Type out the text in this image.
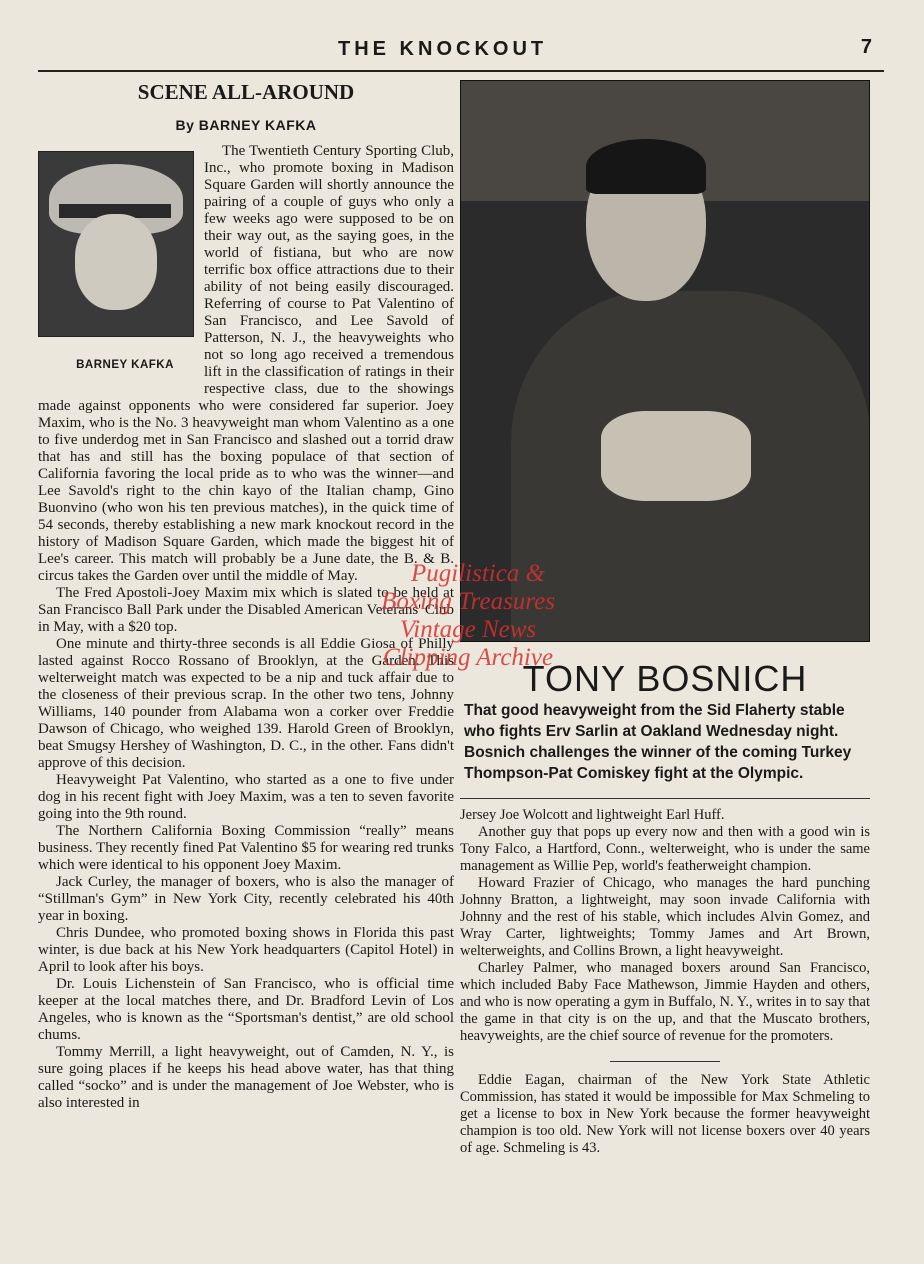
THE KNOCKOUT	7
SCENE ALL-AROUND
By BARNEY KAFKA

BARNEY KAFKA
The Twentieth Century Sporting Club, Inc., who promote boxing in Madison Square Garden will shortly announce the pairing of a couple of guys who only a few weeks ago were supposed to be on their way out, as the saying goes, in the world of fistiana, but who are now terrific box office attractions due to their ability of not being easily discouraged. Referring of course to Pat Valentino of San Francisco, and Lee Savold of Patterson, N. J., the heavyweights who not so long ago received a tremendous lift in the classification of ratings in their respective class, due to the showings made against opponents who were considered far superior. Joey Maxim, who is the No. 3 heavyweight man whom Valentino as a one to five underdog met in San Francisco and slashed out a torrid draw that has and still has the boxing populace of that section of California favoring the local pride as to who was the winner—and Lee Savold's right to the chin kayo of the Italian champ, Gino Buonvino (who won his ten previous matches), in the quick time of 54 seconds, thereby establishing a new mark knockout record in the history of Madison Square Garden, which made the biggest hit of Lee's career. This match will probably be a June date, the B. & B. circus takes the Garden over until the middle of May.

The Fred Apostoli-Joey Maxim mix which is slated to be held at San Francisco Ball Park under the Disabled American Veterans' Club in May, with a $20 top.

One minute and thirty-three seconds is all Eddie Giosa of Philly lasted against Rocco Rossano of Brooklyn, at the Garden. This welterweight match was expected to be a nip and tuck affair due to the closeness of their previous scrap. In the other two tens, Johnny Williams, 140 pounder from Alabama won a corker over Freddie Dawson of Chicago, who weighed 139. Harold Green of Brooklyn, beat Smugsy Hershey of Washington, D. C., in the other. Fans didn't approve of this decision.

Heavyweight Pat Valentino, who started as a one to five under dog in his recent fight with Joey Maxim, was a ten to seven favorite going into the 9th round.

The Northern California Boxing Commission “really” means business. They recently fined Pat Valentino $5 for wearing red trunks which were identical to his opponent Joey Maxim.

Jack Curley, the manager of boxers, who is also the manager of “Stillman's Gym” in New York City, recently celebrated his 40th year in boxing.

Chris Dundee, who promoted boxing shows in Florida this past winter, is due back at his New York headquarters (Capitol Hotel) in April to look after his boys.

Dr. Louis Lichenstein of San Francisco, who is official time keeper at the local matches there, and Dr. Bradford Levin of Los Angeles, who is known as the “Sportsman's dentist,” are old school chums.

Tommy Merrill, a light heavyweight, out of Camden, N. Y., is sure going places if he keeps his head above water, has that thing called “socko” and is under the management of Joe Webster, who is also interested in

TONY BOSNICH
That good heavyweight from the Sid Flaherty stable who fights Erv Sarlin at Oakland Wednesday night. Bosnich challenges the winner of the coming Turkey Thompson-Pat Comiskey fight at the Olympic.

Jersey Joe Wolcott and lightweight Earl Huff.

Another guy that pops up every now and then with a good win is Tony Falco, a Hartford, Conn., welterweight, who is under the same management as Willie Pep, world's featherweight champion.

Howard Frazier of Chicago, who manages the hard punching Johnny Bratton, a lightweight, may soon invade California with Johnny and the rest of his stable, which includes Alvin Gomez, and Wray Carter, lightweights; Tommy James and Art Brown, welterweights, and Collins Brown, a light heavyweight.

Charley Palmer, who managed boxers around San Francisco, which included Baby Face Mathewson, Jimmie Hayden and others, and who is now operating a gym in Buffalo, N. Y., writes in to say that the game in that city is on the up, and that the Muscato brothers, heavyweights, are the chief source of revenue for the promoters.

Eddie Eagan, chairman of the New York State Athletic Commission, has stated it would be impossible for Max Schmeling to get a license to box in New York because the former heavyweight champion is too old. New York will not license boxers over 40 years of age. Schmeling is 43.

Pugilistica &
Boxing Treasures
Vintage News
Clipping Archive
